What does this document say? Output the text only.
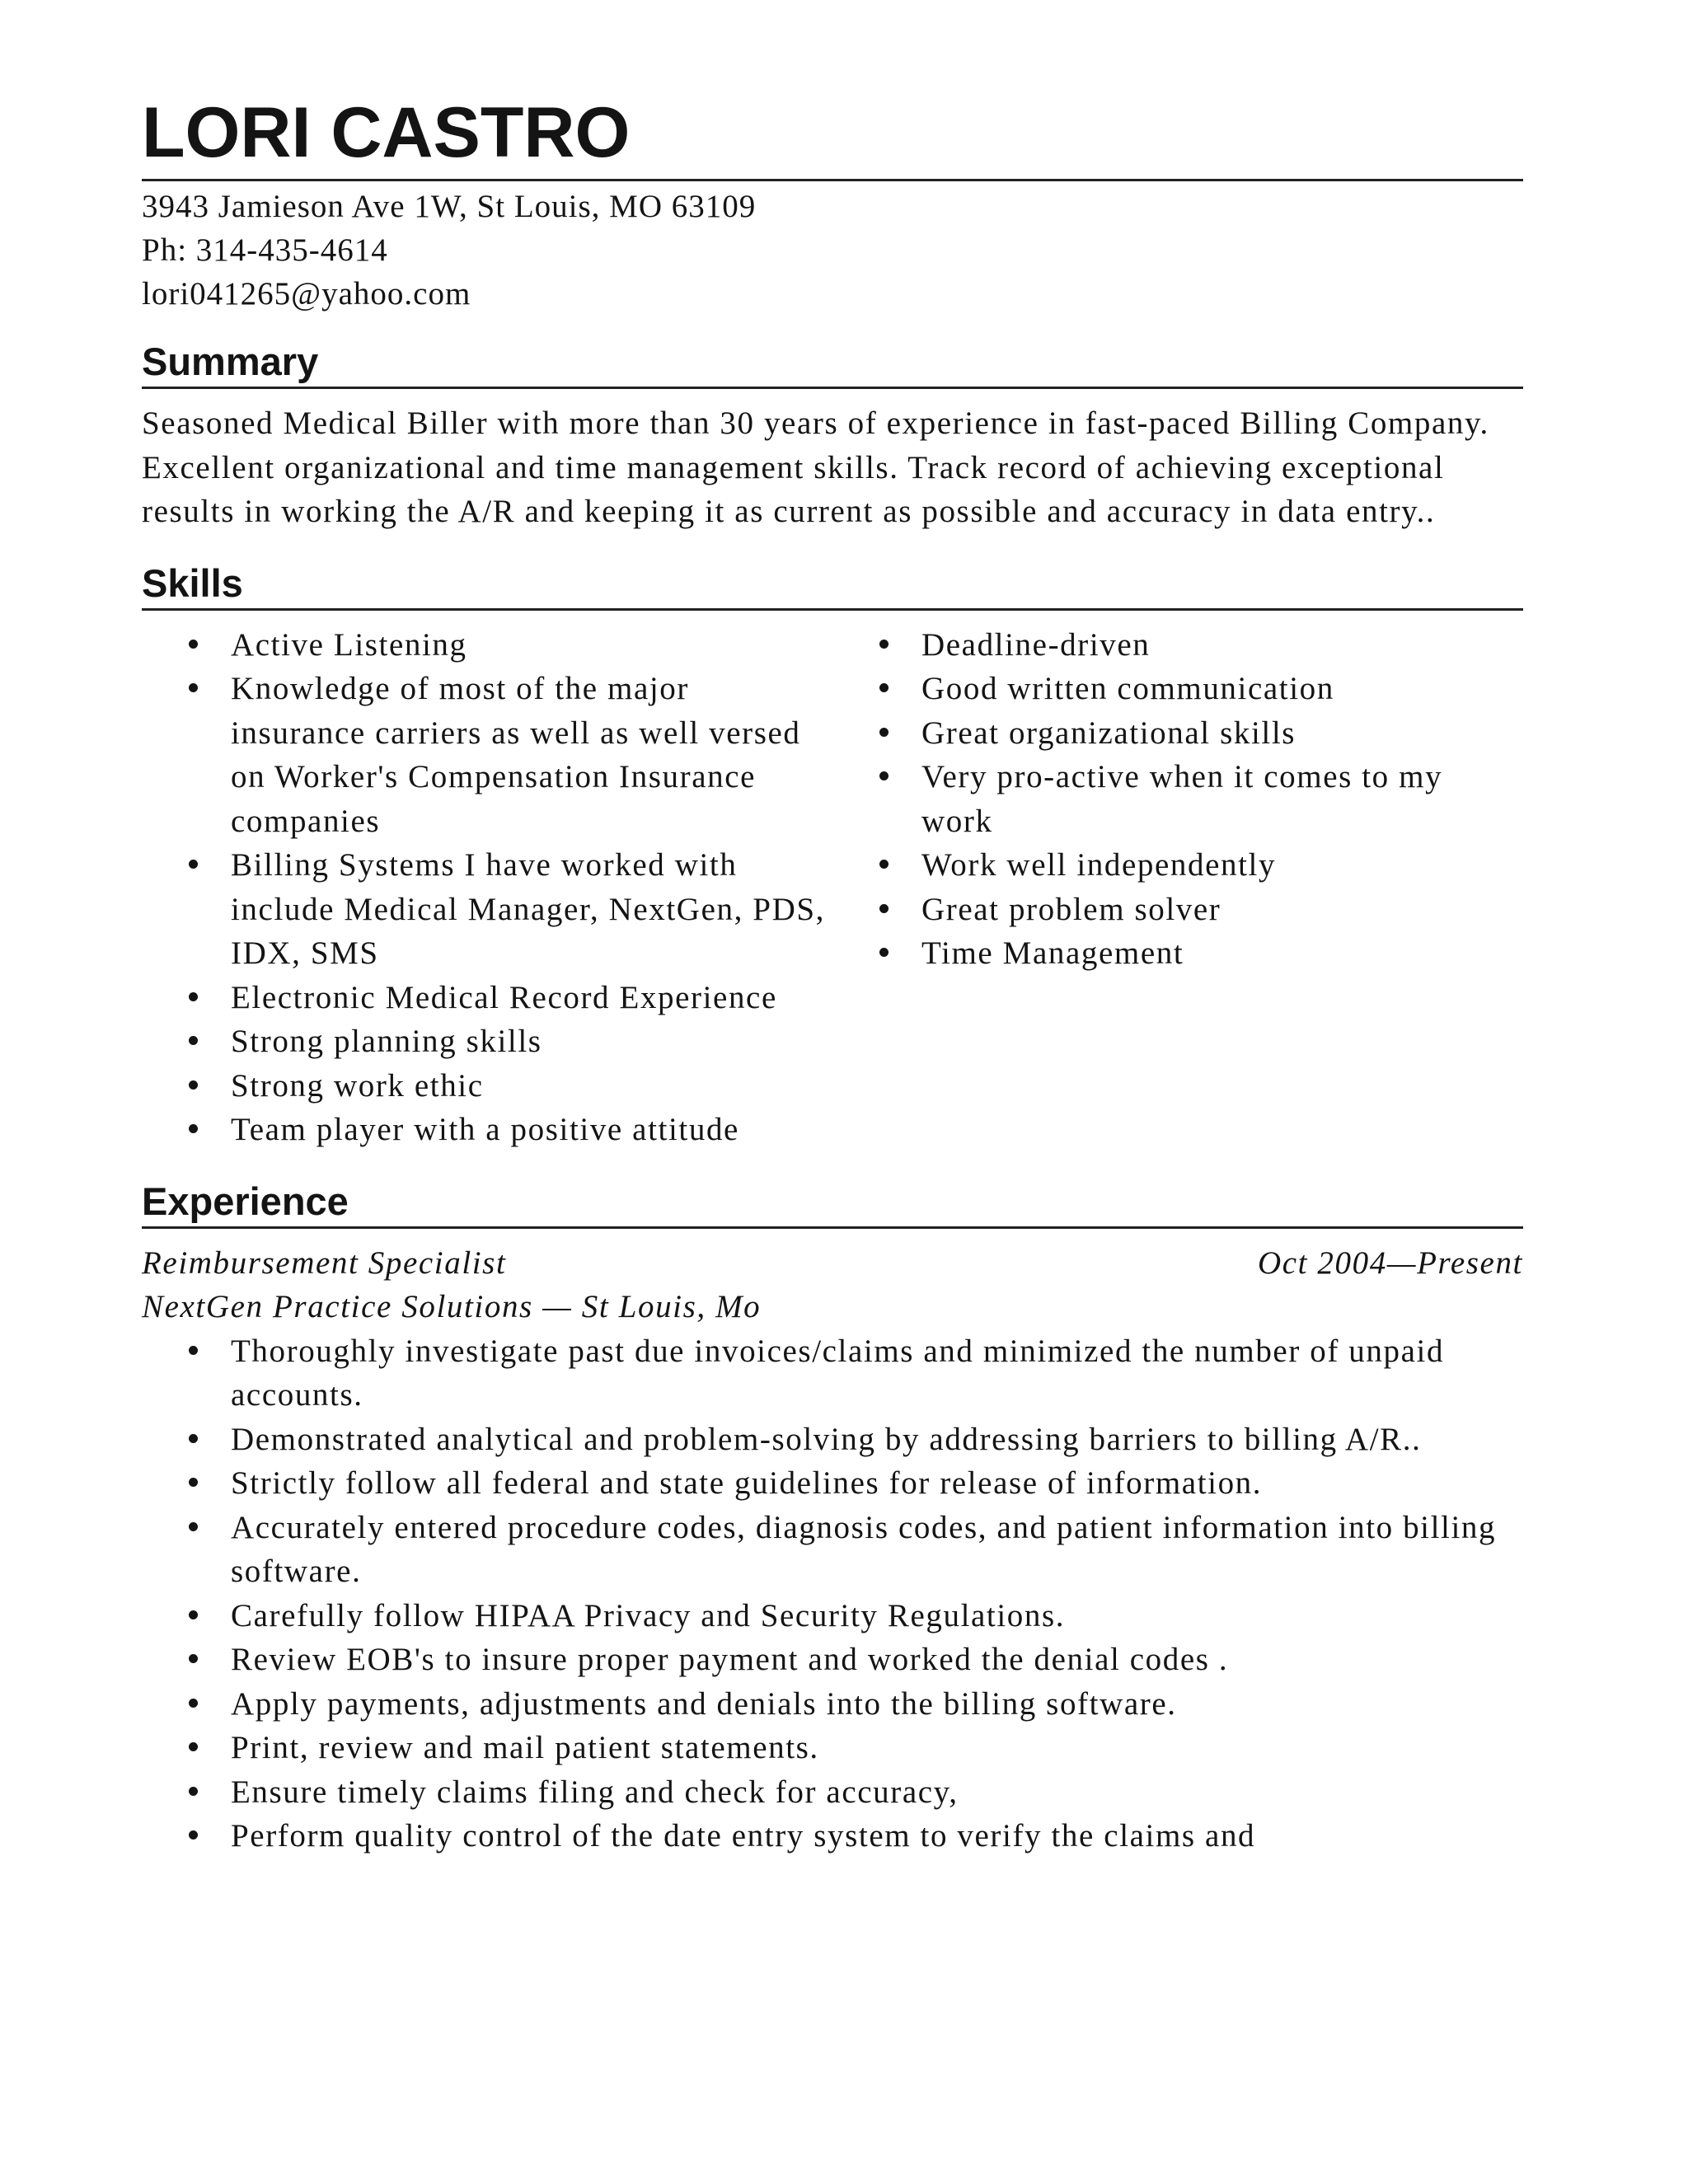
LORI CASTRO
3943 Jamieson Ave 1W, St Louis, MO 63109
Ph: 314-435-4614
lori041265@yahoo.com
Summary
Seasoned Medical Biller with more than 30 years of experience in fast-paced Billing Company. Excellent organizational and time management skills. Track record of achieving exceptional results in working the A/R and keeping it as current as possible and accuracy in data entry..
Skills
Active Listening
Knowledge of most of the major insurance carriers as well as well versed on Worker's Compensation Insurance companies
Billing Systems I have worked with include Medical Manager, NextGen, PDS, IDX, SMS
Electronic Medical Record Experience
Strong planning skills
Strong work ethic
Team player with a positive attitude
Deadline-driven
Good written communication
Great organizational skills
Very pro-active when it comes to my work
Work well independently
Great problem solver
Time Management
Experience
Reimbursement Specialist	Oct 2004—Present
NextGen Practice Solutions — St Louis, Mo
Thoroughly investigate past due invoices/claims and minimized the number of unpaid accounts.
Demonstrated analytical and problem-solving by addressing barriers to billing A/R..
Strictly follow all federal and state guidelines for release of information.
Accurately entered procedure codes, diagnosis codes, and patient information into billing software.
Carefully follow HIPAA Privacy and Security Regulations.
Review EOB's to insure proper payment and worked the denial codes .
Apply payments, adjustments and denials into the billing software.
Print, review and mail patient statements.
Ensure timely claims filing and check for accuracy,
Perform quality control of the date entry system to verify the claims and
